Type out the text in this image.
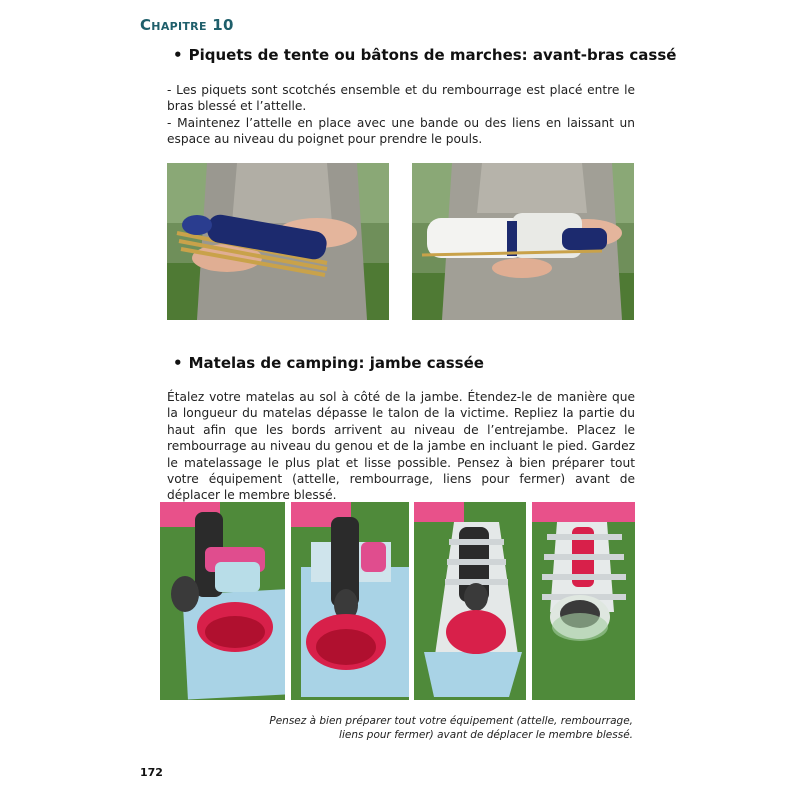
Chapitre 10
• Piquets de tente ou bâtons de marches: avant-bras cassé

- Les piquets sont scotchés ensemble et du rembourrage est placé entre le bras blessé et l’attelle.

- Maintenez l’attelle en place avec une bande ou des liens en laissant un espace au niveau du poignet pour prendre le pouls.

• Matelas de camping: jambe cassée

Étalez votre matelas au sol à côté de la jambe. Étendez-le de manière que la longueur du matelas dépasse le talon de la victime. Repliez la partie du haut afin que les bords arrivent au niveau de l’entrejambe. Placez le rembourrage au niveau du genou et de la jambe en incluant le pied. Gardez le matelassage le plus plat et lisse possible. Pensez à bien préparer tout votre équipement (attelle, rembourrage, liens pour fermer) avant de déplacer le membre blessé.

Pensez à bien préparer tout votre équipement (attelle, rembourrage, liens pour fermer) avant de déplacer le membre blessé.
172
